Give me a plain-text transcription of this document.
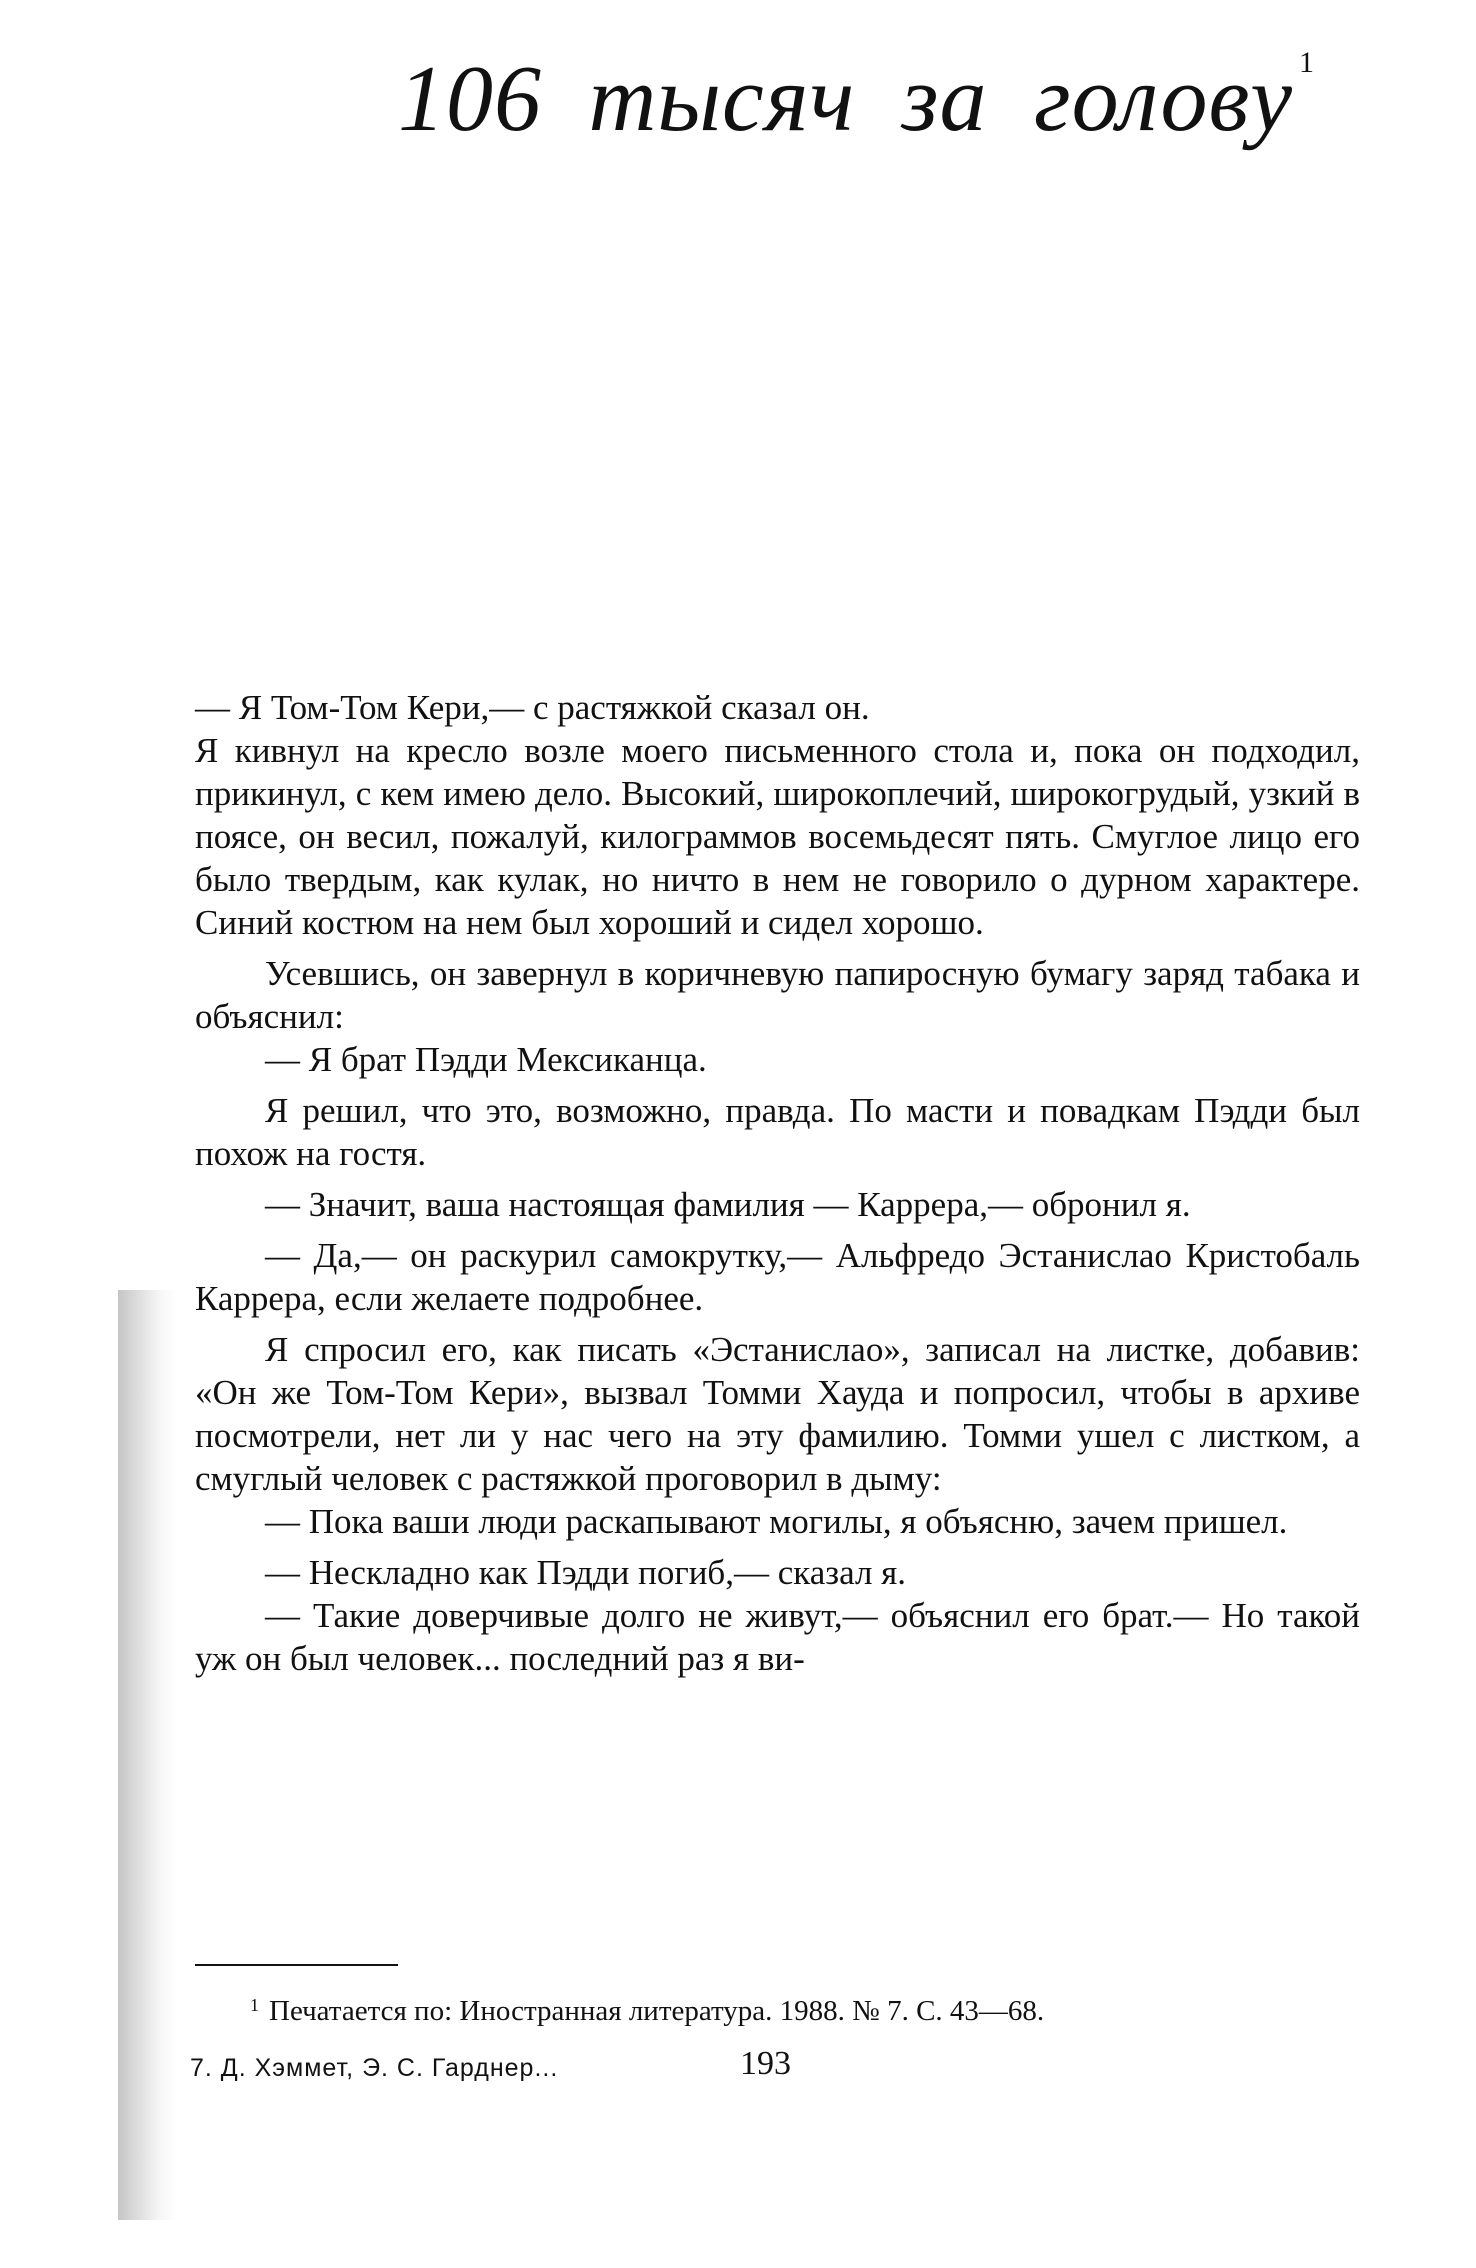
106 тысяч за голову $^1$

— Я Том-Том Кери,— с растяжкой сказал он.

Я кивнул на кресло возле моего письменного стола и, пока он подходил, прикинул, с кем имею дело. Высокий, широкоплечий, широкогрудый, узкий в поясе, он весил, пожалуй, килограммов восемьдесят пять. Смуглое лицо его было твердым, как кулак, но ничто в нем не говорило о дурном характере. Синий костюм на нем был хороший и сидел хорошо.

Усевшись, он завернул в коричневую папиросную бумагу заряд табака и объяснил:

— Я брат Пэдди Мексиканца.

Я решил, что это, возможно, правда. По масти и повадкам Пэдди был похож на гостя.

— Значит, ваша настоящая фамилия — Каррера,— обронил я.

— Да,— он раскурил самокрутку,— Альфредо Эстанислао Кристобаль Каррера, если желаете подробнее.

Я спросил его, как писать «Эстанислао», записал на листке, добавив: «Он же Том-Том Кери», вызвал Томми Хауда и попросил, чтобы в архиве посмотрели, нет ли у нас чего на эту фамилию. Томми ушел с листком, а смуглый человек с растяжкой проговорил в дыму:

— Пока ваши люди раскапывают могилы, я объясню, зачем пришел.

— Нескладно как Пэдди погиб,— сказал я.

— Такие доверчивые долго не живут,— объяснил его брат.— Но такой уж он был человек... последний раз я ви-

$^1$ Печатается по: Иностранная литература. 1988. № 7. С. 43—68.
7. Д. Хэммет, Э. С. Гарднер...	193
